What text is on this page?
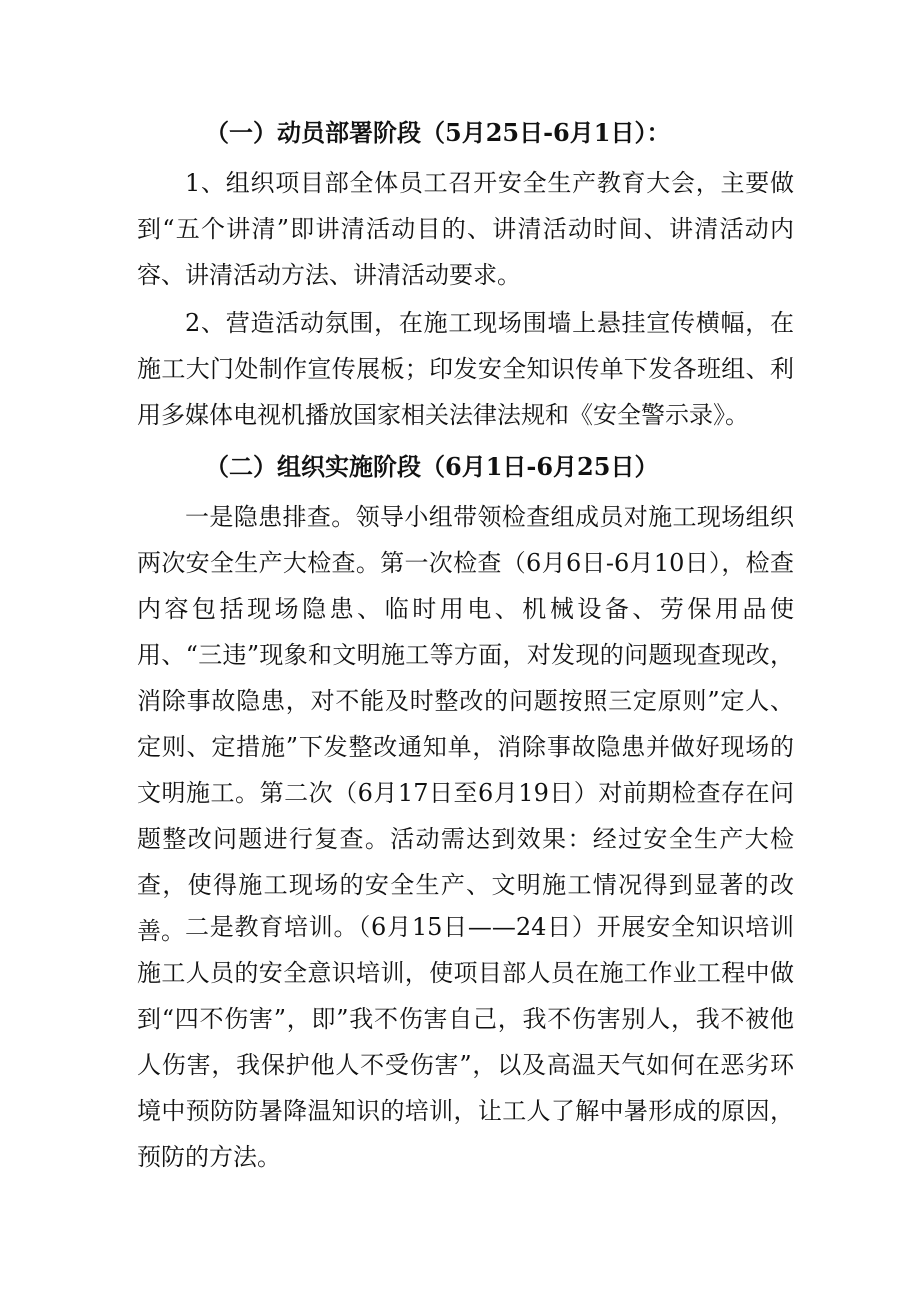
（一）动员部署阶段（5月25日-6月1日）：

1、组织项目部全体员工召开安全生产教育大会，主要做到“五个讲清”即讲清活动目的、讲清活动时间、讲清活动内容、讲清活动方法、讲清活动要求。

2、营造活动氛围，在施工现场围墙上悬挂宣传横幅，在施工大门处制作宣传展板；印发安全知识传单下发各班组、利用多媒体电视机播放国家相关法律法规和《安全警示录》。

（二）组织实施阶段（6月1日-6月25日）

一是隐患排查。领导小组带领检查组成员对施工现场组织两次安全生产大检查。第一次检查（6月6日-6月10日），检查内容包括现场隐患、临时用电、机械设备、劳保用品使用、“三违”现象和文明施工等方面，对发现的问题现查现改，消除事故隐患，对不能及时整改的问题按照三定原则”定人、定则、定措施”下发整改通知单，消除事故隐患并做好现场的文明施工。第二次（6月17日至6月19日）对前期检查存在问题整改问题进行复查。活动需达到效果：经过安全生产大检查，使得施工现场的安全生产、文明施工情况得到显著的改善。 二是教育培训。（6月15日——24日）开展安全知识培训施工人员的安全意识培训，使项目部人员在施工作业工程中做到“四不伤害”，即”我不伤害自己，我不伤害别人，我不被他人伤害，我保护他人不受伤害”，以及高温天气如何在恶劣环境中预防防暑降温知识的培训，让工人了解中暑形成的原因，预防的方法。
